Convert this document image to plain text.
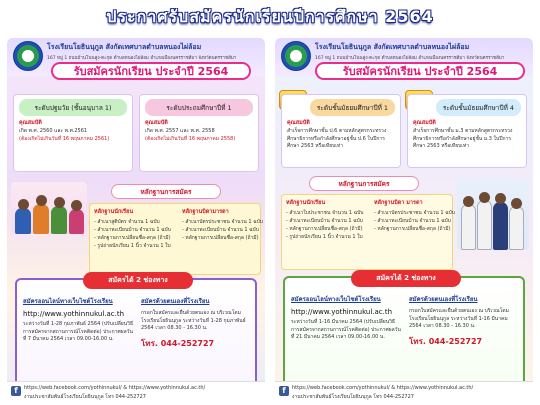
ประกาศรับสมัครนักเรียนปีการศึกษา 2564
โรงเรียนโยธินนุกูล สังกัดเทศบาลตำบลหนองไผ่ล้อม
167 หมู่ 1 ถนนบ้านโนนสูง-ตะกุด ตำบลหนองไผ่ล้อม อำเภอเมืองนครราชสีมา จังหวัดนครราชสีมา
รับสมัครนักเรียน ประจำปี 2564
ระดับปฐมวัย (ชั้นอนุบาล 1)
คุณสมบัติ
เกิด พ.ศ. 2560 และ พ.ศ.2561
(ต้องเกิดไม่เกินวันที่ 16 พฤษภาคม 2561)
ระดับประถมศึกษาปีที่ 1
คุณสมบัติ
เกิด พ.ศ. 2557 และ พ.ศ. 2558
(ต้องเกิดไม่เกินวันที่ 16 พฤษภาคม 2558)
หลักฐานการสมัคร
หลักฐานนักเรียน
- สำเนาสูติบัตร จำนวน 1 ฉบับ
- สำเนาทะเบียนบ้าน จำนวน 1 ฉบับ
- หลักฐานการเปลี่ยนชื่อ-สกุล (ถ้ามี)
- รูปถ่ายนักเรียน 1 นิ้ว จำนวน 1 ใบ
หลักฐานบิดามารดา
- สำเนาบัตรประชาชน จำนวน 1 ฉบับ
- สำเนาทะเบียนบ้าน จำนวน 1 ฉบับ
- หลักฐานการเปลี่ยนชื่อ-สกุล (ถ้ามี)
สมัครได้ 2 ช่องทาง
สมัครออนไลน์ทางเว็บไซต์โรงเรียน
http://www.yothinnukul.ac.th
ระหว่างวันที่ 1-28 กุมภาพันธ์ 2564 (ปรับเปลี่ยนวิธีการสมัครจากสถานการณ์โรคติดต่อ) ประกาศผลวันที่ 7 มีนาคม 2564 เวลา 09.00-16.00 น.
สมัครด้วยตนเองที่โรงเรียน
กรอกใบสมัครและยื่นด้วยตนเอง ณ บริเวณโดม โรงเรียนโยธินนุกูล ระหว่างวันที่ 1-28 กุมภาพันธ์ 2564 เวลา 08.30 - 16.30 น.
โทร. 044-252727
f	https://web.facebook.com/yothinnukul/ & https://www.yothinnukul.ac.th/
งานประชาสัมพันธ์โรงเรียนโยธินนุกูล โทร 044-252727
โรงเรียนโยธินนุกูล สังกัดเทศบาลตำบลหนองไผ่ล้อม
167 หมู่ 1 ถนนบ้านโนนสูง-ตะกุด ตำบลหนองไผ่ล้อม อำเภอเมืองนครราชสีมา จังหวัดนครราชสีมา
รับสมัครนักเรียน ประจำปี 2564
ระดับชั้นมัธยมศึกษาปีที่ 1
คุณสมบัติ
สำเร็จการศึกษาชั้น ป.6 ตามหลักสูตรกระทรวงศึกษาธิการหรือกำลังศึกษาอยู่ชั้น ป.6 ในปีการศึกษา 2563 หรือเทียบเท่า
ระดับชั้นมัธยมศึกษาปีที่ 4
คุณสมบัติ
สำเร็จการศึกษาชั้น ม.3 ตามหลักสูตรกระทรวงศึกษาธิการหรือกำลังศึกษาอยู่ชั้น ม.3 ในปีการศึกษา 2563 หรือเทียบเท่า
หลักฐานการสมัคร
หลักฐานนักเรียน
- สำเนาใบประชาชน จำนวน 1 ฉบับ
- สำเนาทะเบียนบ้าน จำนวน 1 ฉบับ
- หลักฐานการเปลี่ยนชื่อ-สกุล (ถ้ามี)
- รูปถ่ายนักเรียน 1 นิ้ว จำนวน 1 ใบ
หลักฐานบิดา มารดา
- สำเนาบัตรประชาชน จำนวน 1 ฉบับ
- สำเนาทะเบียนบ้าน จำนวน 1 ฉบับ
- หลักฐานการเปลี่ยนชื่อ-สกุล (ถ้ามี)
สมัครได้ 2 ช่องทาง
สมัครออนไลน์ทางเว็บไซต์โรงเรียน
http://www.yothinnukul.ac.th
ระหว่างวันที่ 1-16 มีนาคม 2564 (ปรับเปลี่ยนวิธีการสมัครจากสถานการณ์โรคติดต่อ) ประกาศผลวันที่ 21 มีนาคม 2564 เวลา 09.00-16.00 น.
สมัครด้วยตนเองที่โรงเรียน
กรอกใบสมัครและยื่นด้วยตนเอง ณ บริเวณโดม โรงเรียนโยธินนุกูล ระหว่างวันที่ 1-16 มีนาคม 2564 เวลา 08.30 - 16.30 น.
โทร. 044-252727
f	https://web.facebook.com/yothinnukul/ & https://www.yothinnukul.ac.th/
งานประชาสัมพันธ์โรงเรียนโยธินนุกูล โทร 044-252727
